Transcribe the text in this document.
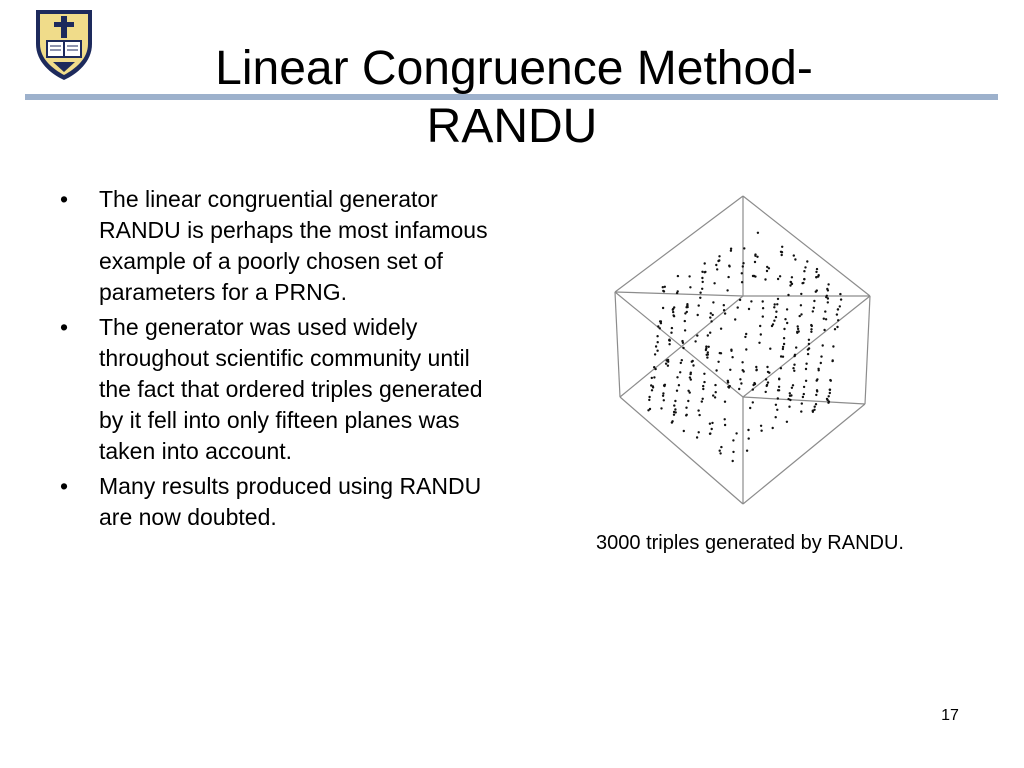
Linear Congruence Method-
RANDU
• The linear congruential generator RANDU is perhaps the most infamous example of a poorly chosen set of parameters for a PRNG.
• The generator was used widely throughout scientific community until the fact that ordered triples generated by it fell into only fifteen planes was taken into account.
• Many results produced using RANDU are now doubted.
3000 triples generated by RANDU.
17
